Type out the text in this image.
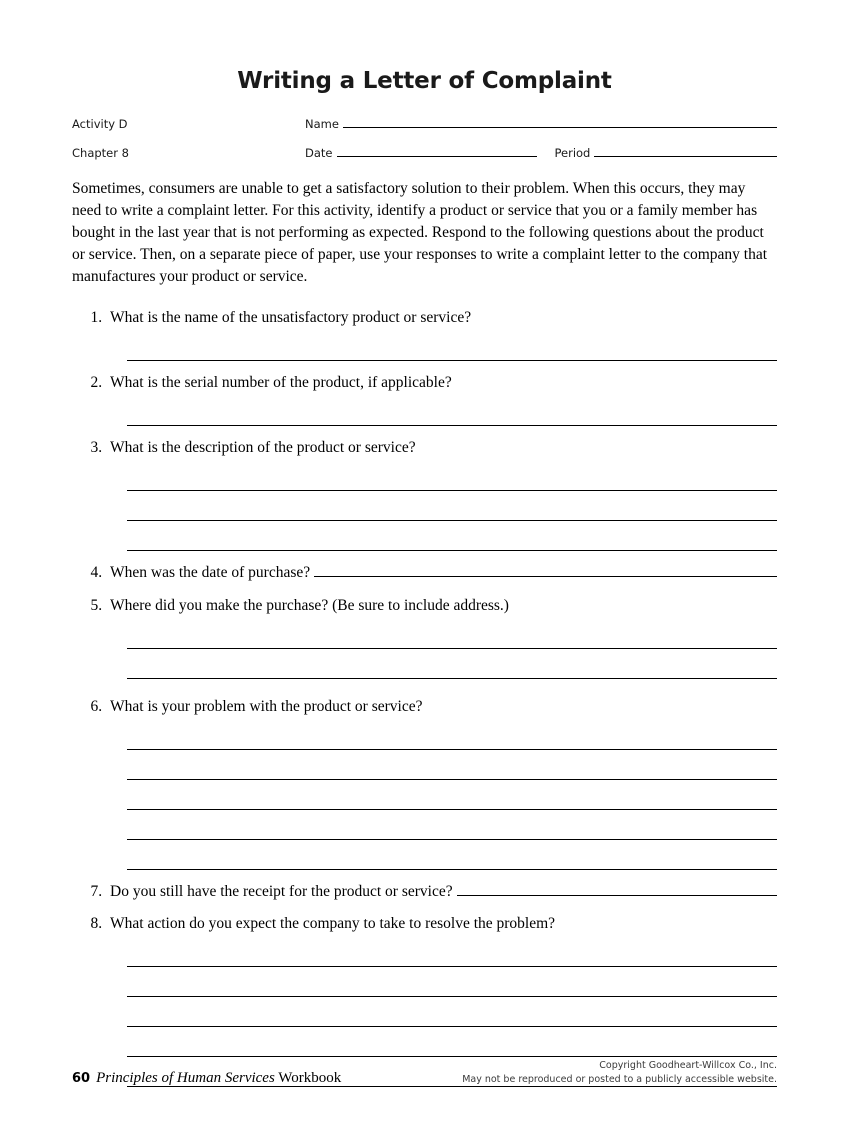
Writing a Letter of Complaint
Activity D	Name
Chapter 8	Date	Period

Sometimes, consumers are unable to get a satisfactory solution to their problem. When this occurs, they may need to write a complaint letter. For this activity, identify a product or service that you or a family member has bought in the last year that is not performing as expected. Respond to the following questions about the product or service. Then, on a separate piece of paper, use your responses to write a complaint letter to the company that manufactures your product or service.

1. What is the name of the unsatisfactory product or service?
2. What is the serial number of the product, if applicable?
3. What is the description of the product or service?
4. When was the date of purchase?
5. Where did you make the purchase? (Be sure to include address.)
6. What is your problem with the product or service?
7. Do you still have the receipt for the product or service?
8. What action do you expect the company to take to resolve the problem?
60 Principles of Human Services Workbook
Copyright Goodheart-Willcox Co., Inc.
May not be reproduced or posted to a publicly accessible website.
